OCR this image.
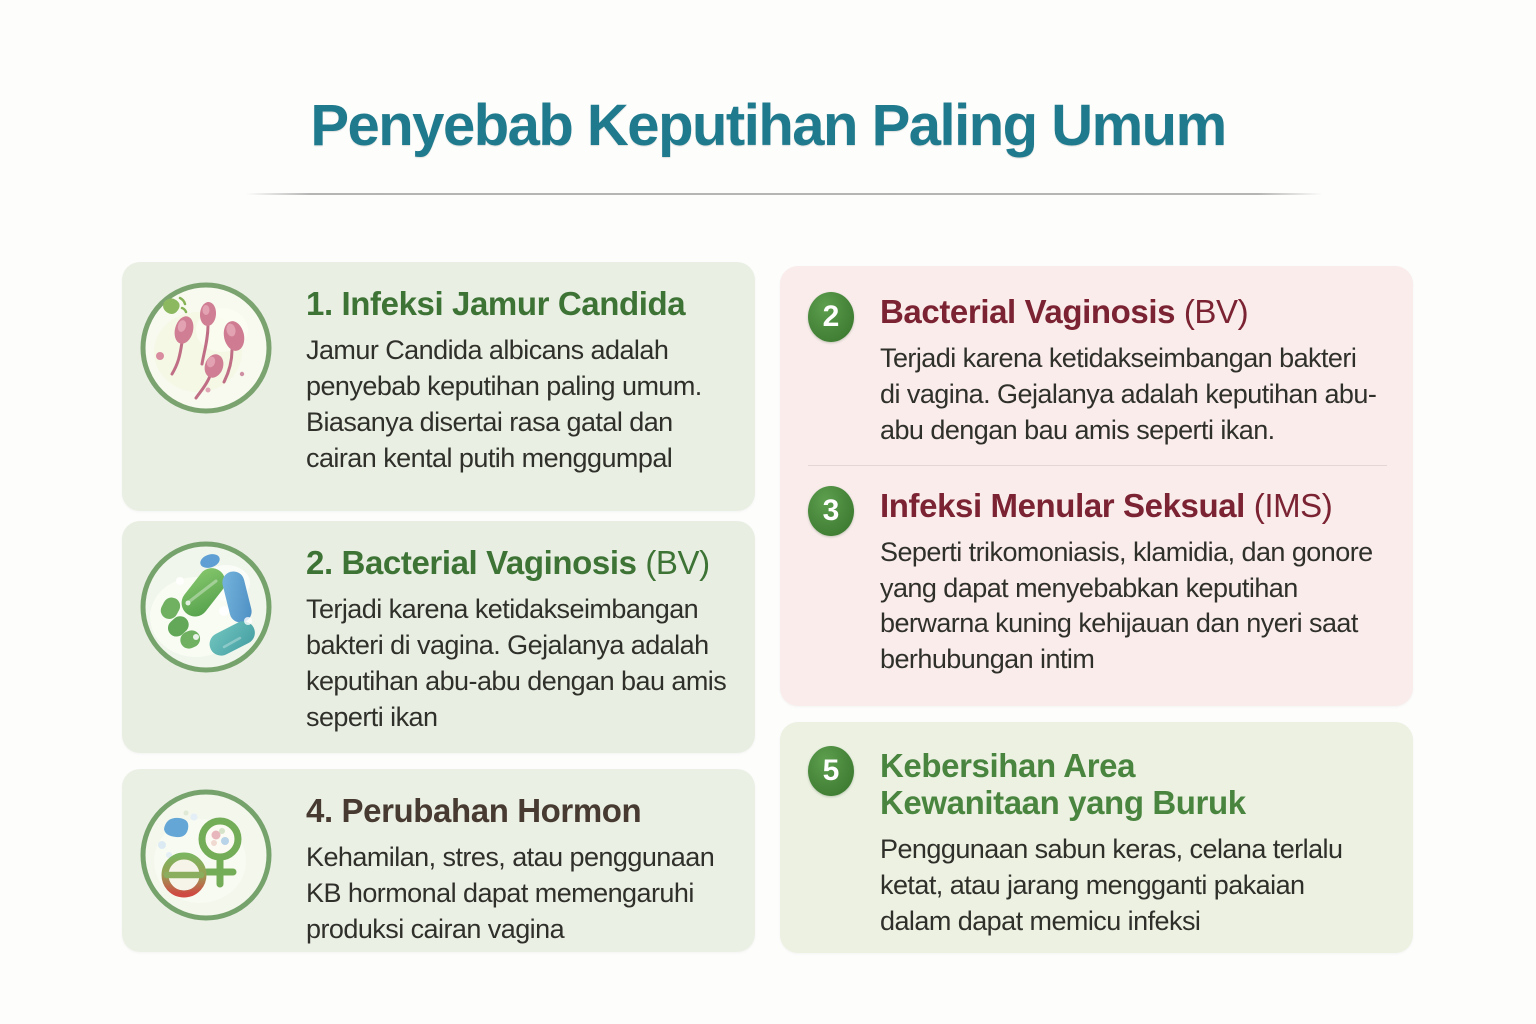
Penyebab Keputihan Paling Umum
1. Infeksi Jamur Candida

Jamur Candida albicans adalah penyebab keputihan paling umum. Biasanya disertai rasa gatal dan cairan kental putih menggumpal

2. Bacterial Vaginosis (BV)

Terjadi karena ketidakseimbangan bakteri di vagina. Gejalanya adalah keputihan abu-abu dengan bau amis seperti ikan

4. Perubahan Hormon

Kehamilan, stres, atau penggunaan KB hormonal dapat memengaruhi produksi cairan vagina

2 Bacterial Vaginosis (BV)

Terjadi karena ketidakseimbangan bakteri di vagina. Gejalanya adalah keputihan abu-abu dengan bau amis seperti ikan.

3 Infeksi Menular Seksual (IMS)

Seperti trikomoniasis, klamidia, dan gonore yang dapat menyebabkan keputihan berwarna kuning kehijauan dan nyeri saat berhubungan intim

5 Kebersihan Area Kewanitaan yang Buruk

Penggunaan sabun keras, celana terlalu ketat, atau jarang mengganti pakaian dalam dapat memicu infeksi
